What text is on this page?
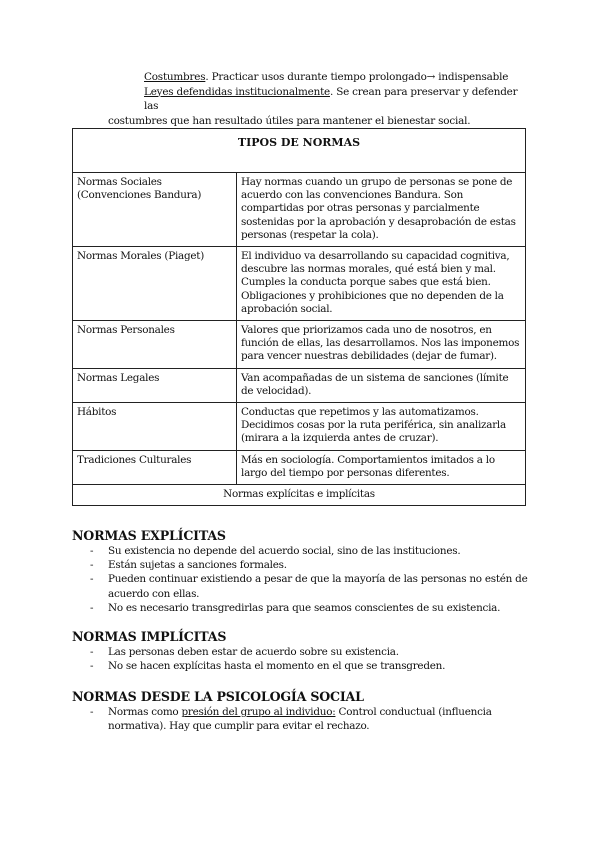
Costumbres. Practicar usos durante tiempo prolongado→ indispensable
Leyes defendidas institucionalmente. Se crean para preservar y defender las
costumbres que han resultado útiles para mantener el bienestar social.
TIPOS DE NORMAS	
Normas Sociales (Convenciones Bandura)	Hay normas cuando un grupo de personas se pone de acuerdo con las convenciones Bandura. Son compartidas por otras personas y parcialmente sostenidas por la aprobación y desaprobación de estas personas (respetar la cola).
Normas Morales (Piaget)	El individuo va desarrollando su capacidad cognitiva, descubre las normas morales, qué está bien y mal. Cumples la conducta porque sabes que está bien. Obligaciones y prohibiciones que no dependen de la aprobación social.
Normas Personales	Valores que priorizamos cada uno de nosotros, en función de ellas, las desarrollamos. Nos las imponemos para vencer nuestras debilidades (dejar de fumar).
Normas Legales	Van acompañadas de un sistema de sanciones (límite de velocidad).
Hábitos	Conductas que repetimos y las automatizamos. Decidimos cosas por la ruta periférica, sin analizarla (mirara a la izquierda antes de cruzar).
Tradiciones Culturales	Más en sociología. Comportamientos imitados a lo largo del tiempo por personas diferentes.
Normas explícitas e implícitas	
NORMAS EXPLÍCITAS
- Su existencia no depende del acuerdo social, sino de las instituciones.
- Están sujetas a sanciones formales.
- Pueden continuar existiendo a pesar de que la mayoría de las personas no estén de acuerdo con ellas.
- No es necesario transgredirlas para que seamos conscientes de su existencia.
NORMAS IMPLÍCITAS
- Las personas deben estar de acuerdo sobre su existencia.
- No se hacen explícitas hasta el momento en el que se transgreden.
NORMAS DESDE LA PSICOLOGÍA SOCIAL
- Normas como presión del grupo al individuo: Control conductual (influencia normativa). Hay que cumplir para evitar el rechazo.
